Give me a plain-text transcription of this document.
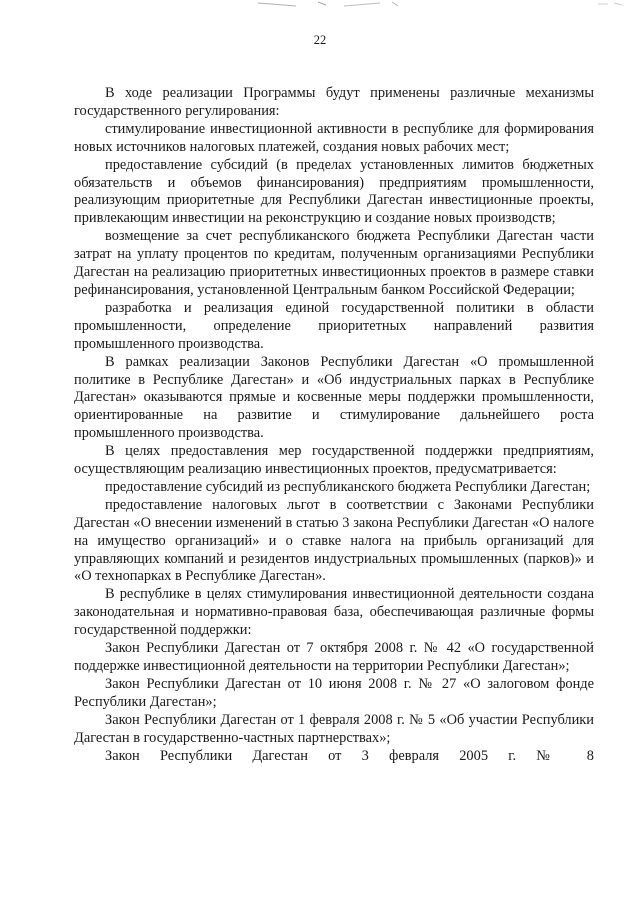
22

В ходе реализации Программы будут применены различные механизмы государственного регулирования:

стимулирование инвестиционной активности в республике для формирования новых источников налоговых платежей, создания новых рабочих мест;

предоставление субсидий (в пределах установленных лимитов бюджетных обязательств и объемов финансирования) предприятиям промышленности, реализующим приоритетные для Республики Дагестан инвестиционные проекты, привлекающим инвестиции на реконструкцию и создание новых производств;

возмещение за счет республиканского бюджета Республики Дагестан части затрат на уплату процентов по кредитам, полученным организациями Республики Дагестан на реализацию приоритетных инвестиционных проектов в размере ставки рефинансирования, установленной Центральным банком Российской Федерации;

разработка и реализация единой государственной политики в области промышленности, определение приоритетных направлений развития промышленного производства.

В рамках реализации Законов Республики Дагестан «О промышленной политике в Республике Дагестан» и «Об индустриальных парках в Республике Дагестан» оказываются прямые и косвенные меры поддержки промышленности, ориентированные на развитие и стимулирование дальнейшего роста промышленного производства.

В целях предоставления мер государственной поддержки предприятиям, осуществляющим реализацию инвестиционных проектов, предусматривается:

предоставление субсидий из республиканского бюджета Республики Дагестан;

предоставление налоговых льгот в соответствии с Законами Республики Дагестан «О внесении изменений в статью 3 закона Республики Дагестан «О налоге на имущество организаций» и о ставке налога на прибыль организаций для управляющих компаний и резидентов индустриальных промышленных (парков)» и «О технопарках в Республике Дагестан».

В республике в целях стимулирования инвестиционной деятельности создана законодательная и нормативно-правовая база, обеспечивающая различные формы государственной поддержки:

Закон Республики Дагестан от 7 октября 2008 г. № 42 «О государственной поддержке инвестиционной деятельности на территории Республики Дагестан»;

Закон Республики Дагестан от 10 июня 2008 г. № 27 «О залоговом фонде Республики Дагестан»;

Закон Республики Дагестан от 1 февраля 2008 г. № 5 «Об участии Республики Дагестан в государственно-частных партнерствах»;

Закон Республики Дагестан от 3 февраля 2005 г. № 8
